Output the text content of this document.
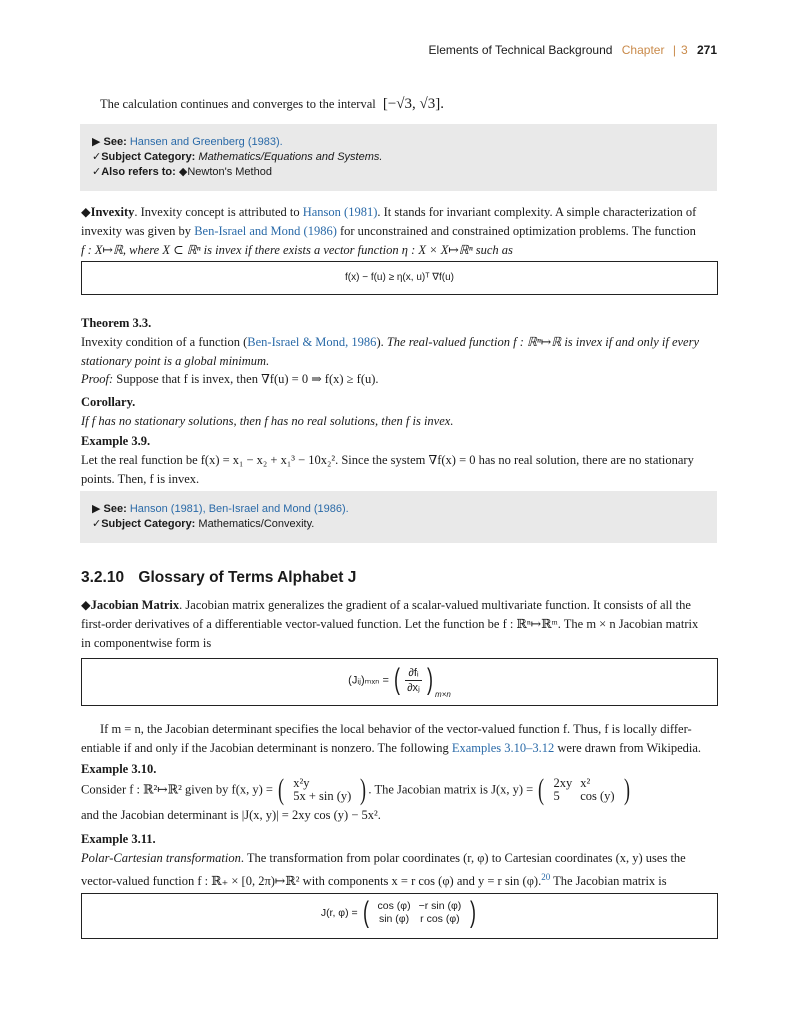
Elements of Technical Background Chapter | 3 271
The calculation continues and converges to the interval [−√3, √3].
▶ See: Hansen and Greenberg (1983).
✓Subject Category: Mathematics/Equations and Systems.
✓Also refers to: ◆Newton's Method
◆Invexity. Invexity concept is attributed to Hanson (1981). It stands for invariant complexity. A simple characterization of invexity was given by Ben-Israel and Mond (1986) for unconstrained and constrained optimization problems. The function
f : X↦ℝ, where X ⊂ ℝⁿ is invex if there exists a vector function η : X × X↦ℝⁿ such as
f(x) − f(u) ≥ η(x, u)ᵀ ∇f(u)
Theorem 3.3.
Invexity condition of a function (Ben-Israel & Mond, 1986). The real-valued function f : ℝⁿ↦ℝ is invex if and only if every stationary point is a global minimum.
Proof: Suppose that f is invex, then ∇f(u) = 0 ⇒ f(x) ≥ f(u).
Corollary.
If f has no stationary solutions, then f has no real solutions, then f is invex.
Example 3.9.
Let the real function be f(x) = x₁ − x₂ + x₁³ − 10x₂². Since the system ∇f(x) = 0 has no real solution, there are no stationary
points. Then, f is invex.
▶ See: Hanson (1981), Ben-Israel and Mond (1986).
✓Subject Category: Mathematics/Convexity.
3.2.10 Glossary of Terms Alphabet J
◆Jacobian Matrix. Jacobian matrix generalizes the gradient of a scalar-valued multivariate function. It consists of all the
first-order derivatives of a differentiable vector-valued function. Let the function be f : ℝⁿ↦ℝᵐ. The m × n Jacobian matrix
in componentwise form is
(Jᵢⱼ)ₘₓₙ = ( $\frac{\text{∂fᵢ}}{\text{∂xⱼ}}$ ) $_{m\times n}$
If m = n, the Jacobian determinant specifies the local behavior of the vector-valued function f. Thus, f is locally differ-
entiable if and only if the Jacobian determinant is nonzero. The following Examples 3.10–3.12 were drawn from Wikipedia.
Example 3.10.
Consider f : ℝ²↦ℝ² given by f(x, y) = ( x²y
5x + sin (y) ) . The Jacobian matrix is J(x, y) = ( 2xy	x²
5	cos (y) )
and the Jacobian determinant is |J(x, y)| = 2xy cos (y) − 5x².
Example 3.11.
Polar-Cartesian transformation. The transformation from polar coordinates (r, φ) to Cartesian coordinates (x, y) uses the
vector-valued function f : ℝ₊ × [0, 2π)↦ℝ² with components x = r cos (φ) and y = r sin (φ).$^{20}$ The Jacobian matrix is
J(r, φ) = ( cos (φ)	−r sin (φ)
sin (φ)	r cos (φ) )
